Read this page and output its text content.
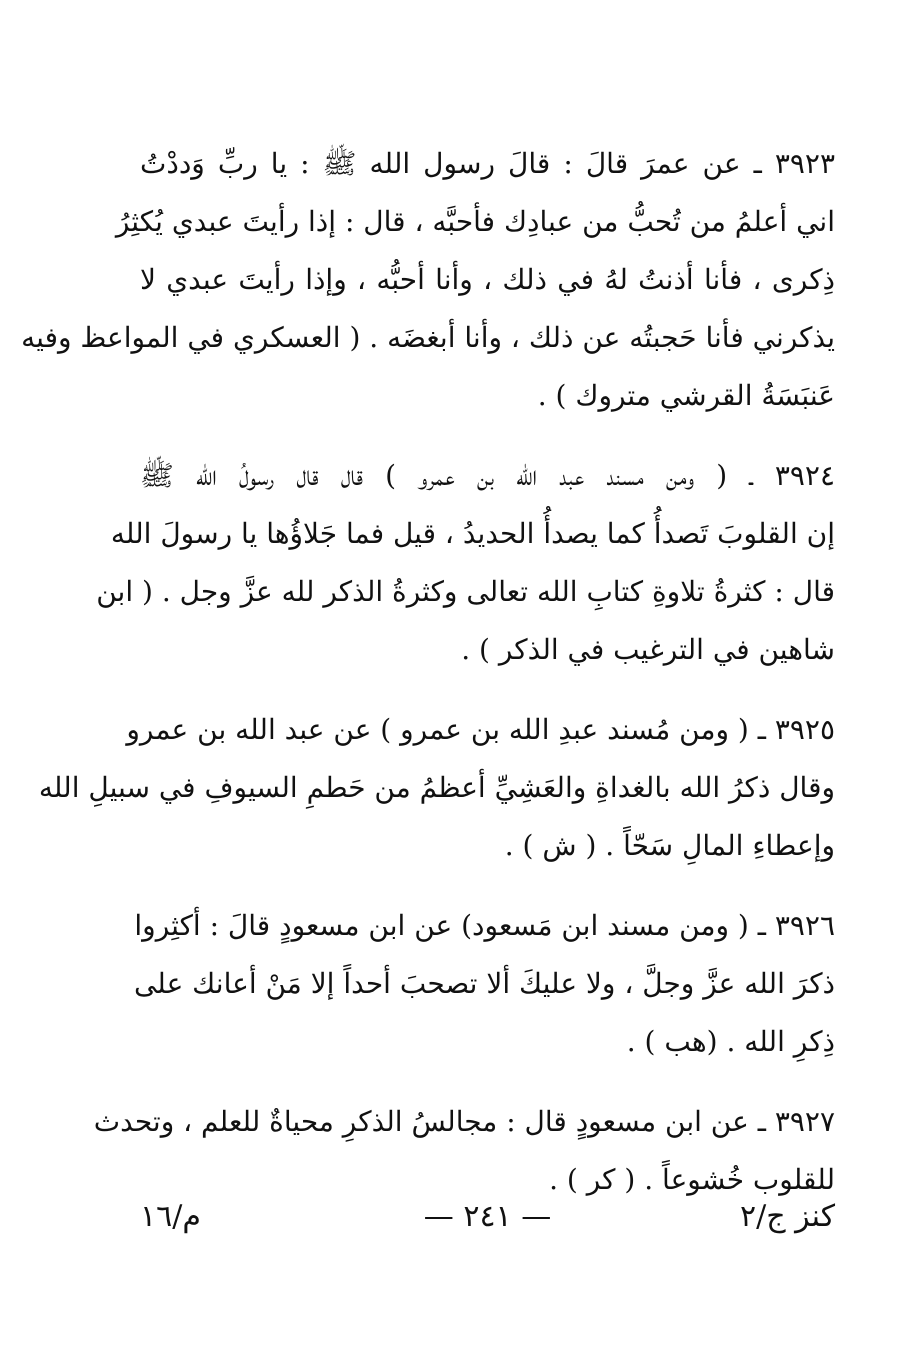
٣٩٢٣ ـ عن عمرَ قالَ : قالَ رسول الله ﷺ : يا ربِّ وَددْتُ
اني أعلمُ من تُحبُّ من عبادِك فأحبَّه ، قال : إذا رأيتَ عبدي يُكثِرُ
ذِكرى ، فأنا أذنتُ لهُ في ذلك ، وأنا أحبُّه ، وإذا رأيتَ عبدي لا
يذكرني فأنا حَجبتُه عن ذلك ، وأنا أبغضَه . ( العسكري في المواعظ وفيه
عَنبَسَةُ القرشي متروك ) .
٣٩٢٤ ـ ( ومن مسند عبد الله بن عمرو ) قال قال رسولُ الله ﷺ
إن القلوبَ تَصدأُ كما يصدأُ الحديدُ ، قيل فما جَلاؤُها يا رسولَ الله
قال : كثرةُ تلاوةِ كتابِ الله تعالى وكثرةُ الذكر لله عزَّ وجل . ( ابن
شاهين في الترغيب في الذكر ) .
٣٩٢٥ ـ ( ومن مُسند عبدِ الله بن عمرو ) عن عبد الله بن عمرو
وقال ذكرُ الله بالغداةِ والعَشِيِّ أعظمُ من حَطمِ السيوفِ في سبيلِ الله
وإعطاءِ المالِ سَحّاً . ( ش ) .
٣٩٢٦ ـ ( ومن مسند ابن مَسعود) عن ابن مسعودٍ قالَ : أكثِروا
ذكرَ الله عزَّ وجلَّ ، ولا عليكَ ألا تصحبَ أحداً إلا مَنْ أعانك على
ذِكرِ الله . (هب ) .
٣٩٢٧ ـ عن ابن مسعودٍ قال : مجالسُ الذكرِ محياةٌ للعلم ، وتحدث
للقلوب خُشوعاً . ( كر ) .
كنز ج/٢
— ٢٤١ —
م/١٦
